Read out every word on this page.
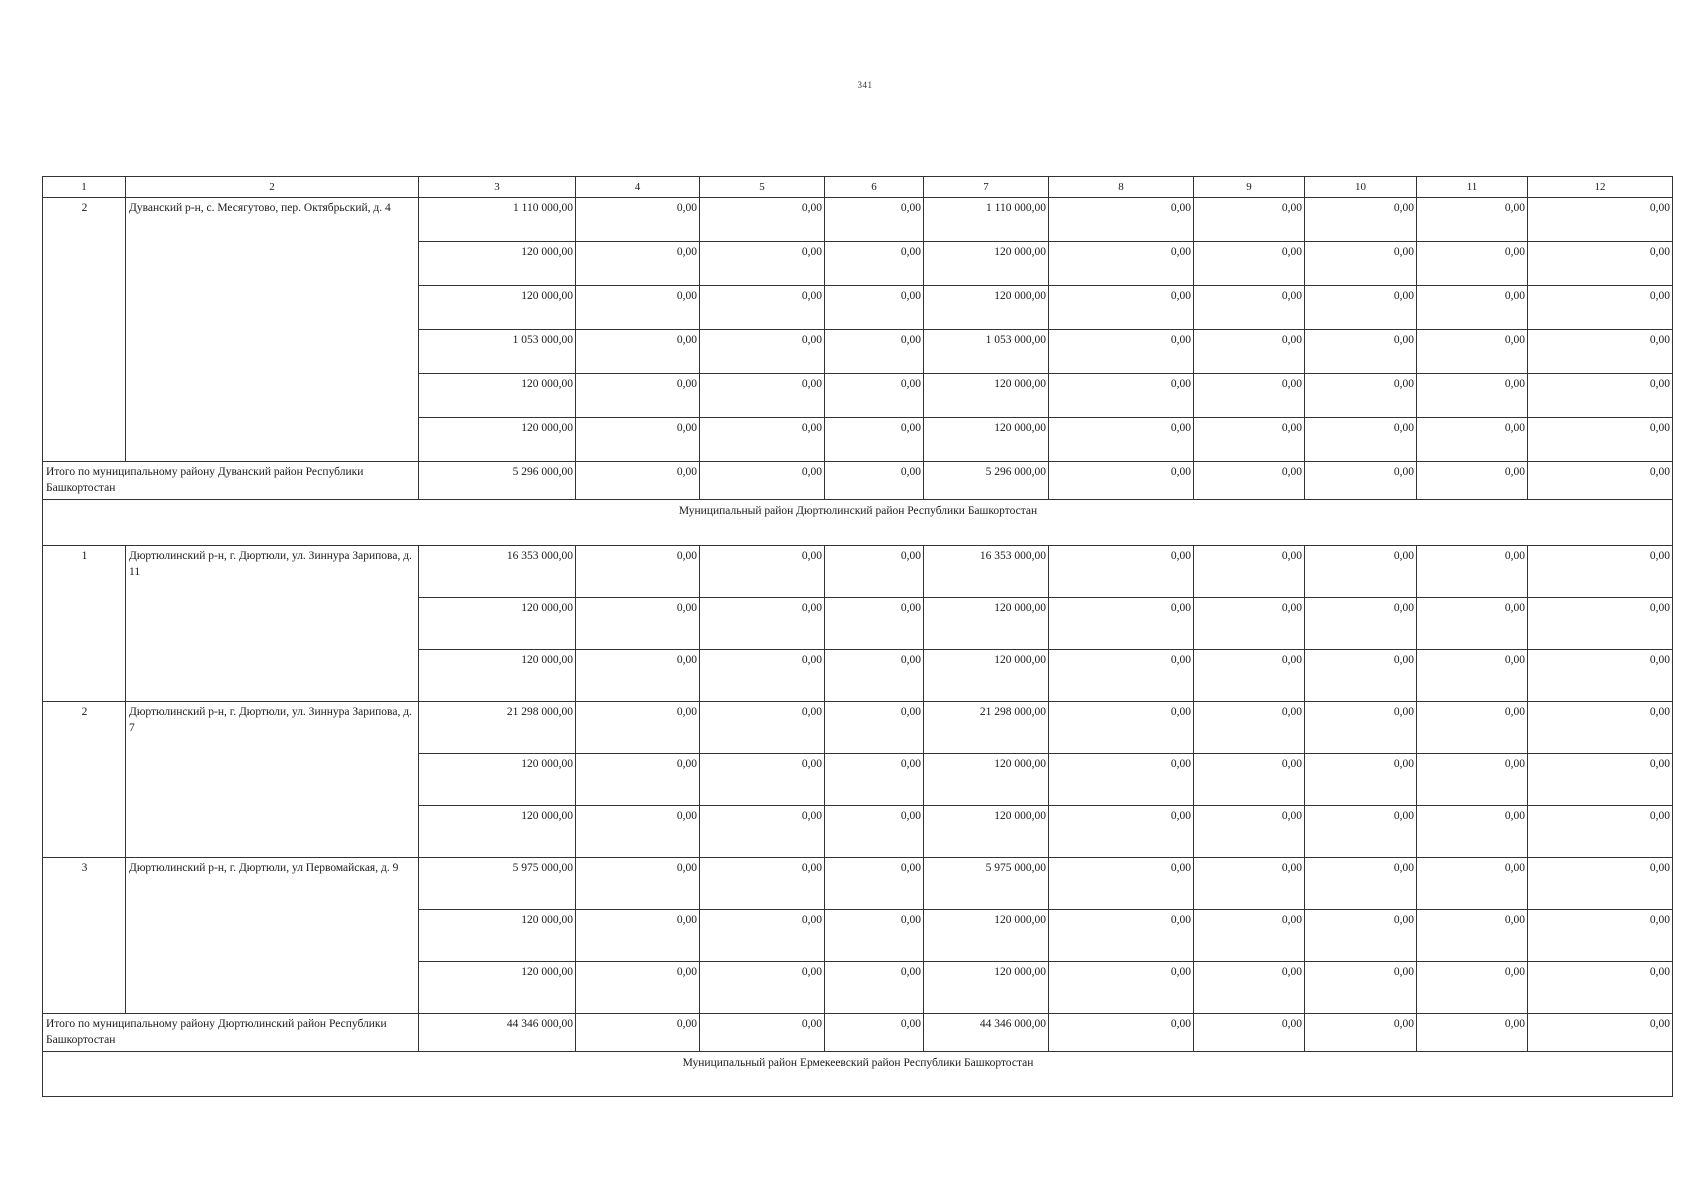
341
1	2	3	4	5	6	7	8	9	10	11	12
2	Дуванский р-н, с. Месягутово, пер. Октябрьский, д. 4	1 110 000,00	0,00	0,00	0,00	1 110 000,00	0,00	0,00	0,00	0,00	0,00
		120 000,00	0,00	0,00	0,00	120 000,00	0,00	0,00	0,00	0,00	0,00
		120 000,00	0,00	0,00	0,00	120 000,00	0,00	0,00	0,00	0,00	0,00
		1 053 000,00	0,00	0,00	0,00	1 053 000,00	0,00	0,00	0,00	0,00	0,00
		120 000,00	0,00	0,00	0,00	120 000,00	0,00	0,00	0,00	0,00	0,00
		120 000,00	0,00	0,00	0,00	120 000,00	0,00	0,00	0,00	0,00	0,00
Итого по муниципальному району Дуванский район Республики Башкортостан		5 296 000,00	0,00	0,00	0,00	5 296 000,00	0,00	0,00	0,00	0,00	0,00
Муниципальный район Дюртюлинский район Республики Башкортостан											
1	Дюртюлинский р-н, г. Дюртюли, ул. Зиннура Зарипова, д. 11	16 353 000,00	0,00	0,00	0,00	16 353 000,00	0,00	0,00	0,00	0,00	0,00
		120 000,00	0,00	0,00	0,00	120 000,00	0,00	0,00	0,00	0,00	0,00
		120 000,00	0,00	0,00	0,00	120 000,00	0,00	0,00	0,00	0,00	0,00
2	Дюртюлинский р-н, г. Дюртюли, ул. Зиннура Зарипова, д. 7	21 298 000,00	0,00	0,00	0,00	21 298 000,00	0,00	0,00	0,00	0,00	0,00
		120 000,00	0,00	0,00	0,00	120 000,00	0,00	0,00	0,00	0,00	0,00
		120 000,00	0,00	0,00	0,00	120 000,00	0,00	0,00	0,00	0,00	0,00
3	Дюртюлинский р-н, г. Дюртюли, ул Первомайская, д. 9	5 975 000,00	0,00	0,00	0,00	5 975 000,00	0,00	0,00	0,00	0,00	0,00
		120 000,00	0,00	0,00	0,00	120 000,00	0,00	0,00	0,00	0,00	0,00
		120 000,00	0,00	0,00	0,00	120 000,00	0,00	0,00	0,00	0,00	0,00
Итого по муниципальному району Дюртюлинский район Республики Башкортостан		44 346 000,00	0,00	0,00	0,00	44 346 000,00	0,00	0,00	0,00	0,00	0,00
Муниципальный район Ермекеевский район Республики Башкортостан											
